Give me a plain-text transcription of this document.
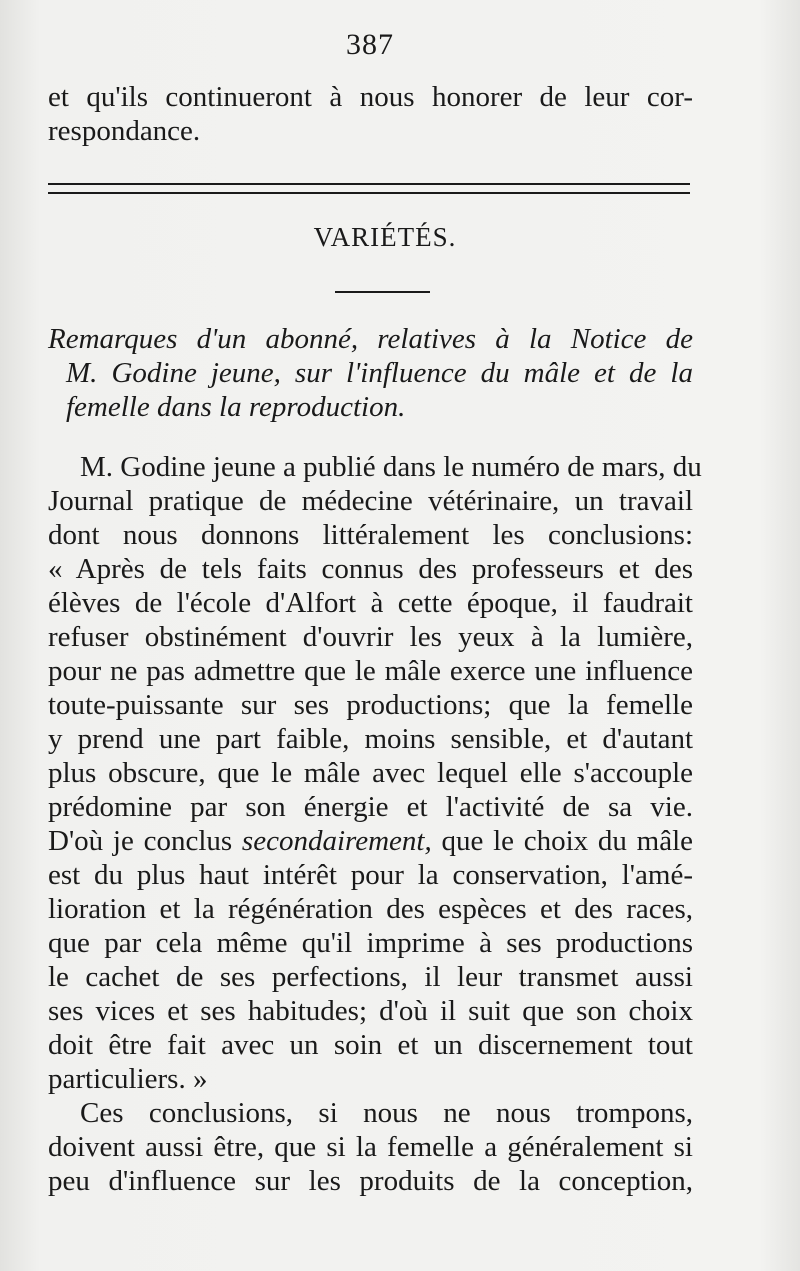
387
et qu'ils continueront à nous honorer de leur cor-
respondance.
VARIÉTÉS.
Remarques d'un abonné, relatives à la Notice de
M. Godine jeune, sur l'influence du mâle et de la
femelle dans la reproduction.
M. Godine jeune a publié dans le numéro de mars, du
Journal pratique de médecine vétérinaire, un travail
dont nous donnons littéralement les conclusions:
« Après de tels faits connus des professeurs et des
élèves de l'école d'Alfort à cette époque, il faudrait
refuser obstinément d'ouvrir les yeux à la lumière,
pour ne pas admettre que le mâle exerce une influence
toute-puissante sur ses productions; que la femelle
y prend une part faible, moins sensible, et d'autant
plus obscure, que le mâle avec lequel elle s'accouple
prédomine par son énergie et l'activité de sa vie.
D'où je conclus secondairement, que le choix du mâle
est du plus haut intérêt pour la conservation, l'amé-
lioration et la régénération des espèces et des races,
que par cela même qu'il imprime à ses productions
le cachet de ses perfections, il leur transmet aussi
ses vices et ses habitudes; d'où il suit que son choix
doit être fait avec un soin et un discernement tout
particuliers. »
Ces conclusions, si nous ne nous trompons,
doivent aussi être, que si la femelle a généralement si
peu d'influence sur les produits de la conception,
